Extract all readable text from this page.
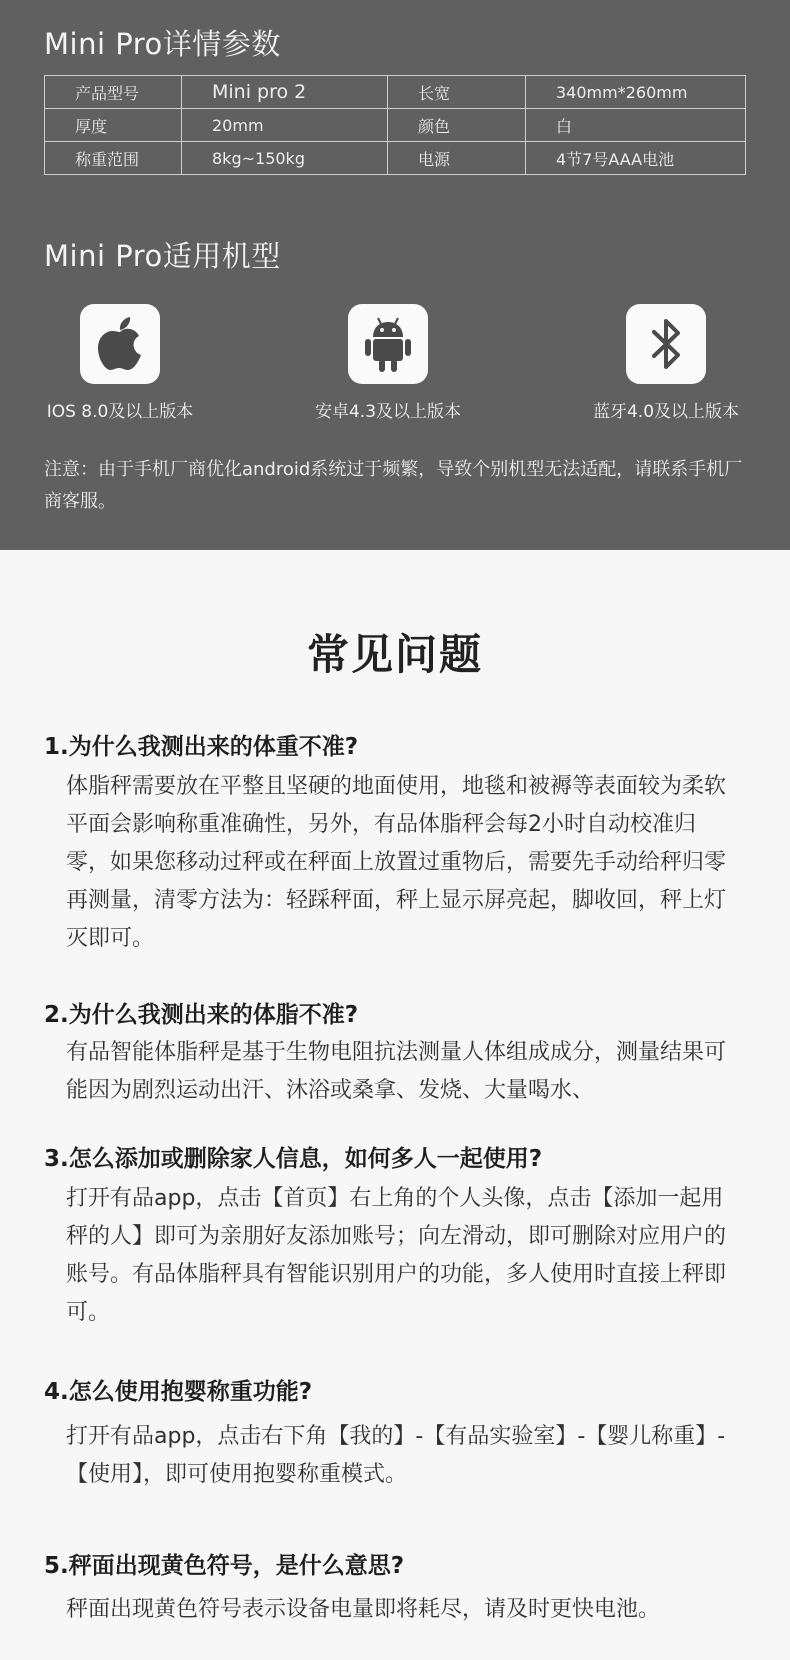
Mini Pro详情参数
产品型号	Mini pro 2	长宽	340mm*260mm
厚度	20mm	颜色	白
称重范围	8kg~150kg	电源	4节7号AAA电池
Mini Pro适用机型
IOS 8.0及以上版本	安卓4.3及以上版本	蓝牙4.0及以上版本
注意：由于手机厂商优化android系统过于频繁，导致个别机型无法适配，请联系手机厂商客服。
常见问题
1.为什么我测出来的体重不准?
体脂秤需要放在平整且坚硬的地面使用，地毯和被褥等表面较为柔软平面会影响称重准确性，另外，有品体脂秤会每2小时自动校准归零，如果您移动过秤或在秤面上放置过重物后，需要先手动给秤归零再测量，清零方法为：轻踩秤面，秤上显示屏亮起，脚收回，秤上灯灭即可。
2.为什么我测出来的体脂不准?
有品智能体脂秤是基于生物电阻抗法测量人体组成成分，测量结果可能因为剧烈运动出汗、沐浴或桑拿、发烧、大量喝水、
3.怎么添加或删除家人信息，如何多人一起使用?
打开有品app，点击【首页】右上角的个人头像，点击【添加一起用秤的人】即可为亲朋好友添加账号；向左滑动，即可删除对应用户的账号。有品体脂秤具有智能识别用户的功能，多人使用时直接上秤即可。
4.怎么使用抱婴称重功能?
打开有品app，点击右下角【我的】-【有品实验室】-【婴儿称重】-【使用】，即可使用抱婴称重模式。
5.秤面出现黄色符号，是什么意思?
秤面出现黄色符号表示设备电量即将耗尽，请及时更快电池。
